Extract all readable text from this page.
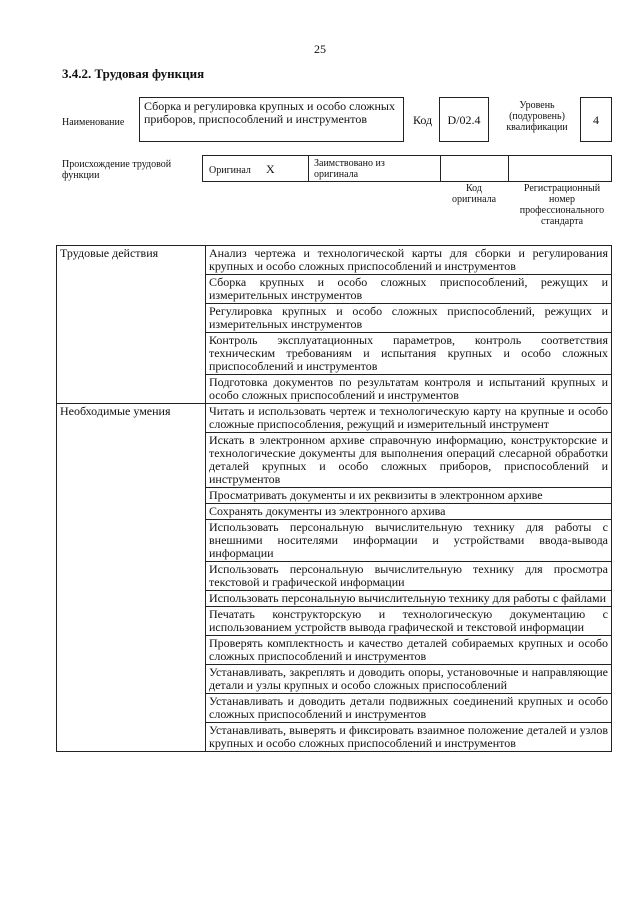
25
3.4.2. Трудовая функция
Наименование
Сборка и регулировка крупных и особо сложных приборов, приспособлений и инструментов	Код	D/02.4
Уровень (подуровень) квалификации
4
Происхождение трудовой функции	Оригинал X	Заимствовано из оригинала
Код оригинала
Регистрационный номер профессионального стандарта
Трудовые действия	Анализ чертежа и технологической карты для сборки и регулирования крупных и особо сложных приспособлений и инструментов
	Сборка крупных и особо сложных приспособлений, режущих и измерительных инструментов
	Регулировка крупных и особо сложных приспособлений, режущих и измерительных инструментов
	Контроль эксплуатационных параметров, контроль соответствия техническим требованиям и испытания крупных и особо сложных приспособлений и инструментов
	Подготовка документов по результатам контроля и испытаний крупных и особо сложных приспособлений и инструментов
Необходимые умения	Читать и использовать чертеж и технологическую карту на крупные и особо сложные приспособления, режущий и измерительный инструмент
	Искать в электронном архиве справочную информацию, конструкторские и технологические документы для выполнения операций слесарной обработки деталей крупных и особо сложных приборов, приспособлений и инструментов
	Просматривать документы и их реквизиты в электронном архиве
	Сохранять документы из электронного архива
	Использовать персональную вычислительную технику для работы с внешними носителями информации и устройствами ввода-вывода информации
	Использовать персональную вычислительную технику для просмотра текстовой и графической информации
	Использовать персональную вычислительную технику для работы с файлами
	Печатать конструкторскую и технологическую документацию с использованием устройств вывода графической и текстовой информации
	Проверять комплектность и качество деталей собираемых крупных и особо сложных приспособлений и инструментов
	Устанавливать, закреплять и доводить опоры, установочные и направляющие детали и узлы крупных и особо сложных приспособлений
	Устанавливать и доводить детали подвижных соединений крупных и особо сложных приспособлений и инструментов
	Устанавливать, выверять и фиксировать взаимное положение деталей и узлов крупных и особо сложных приспособлений и инструментов
